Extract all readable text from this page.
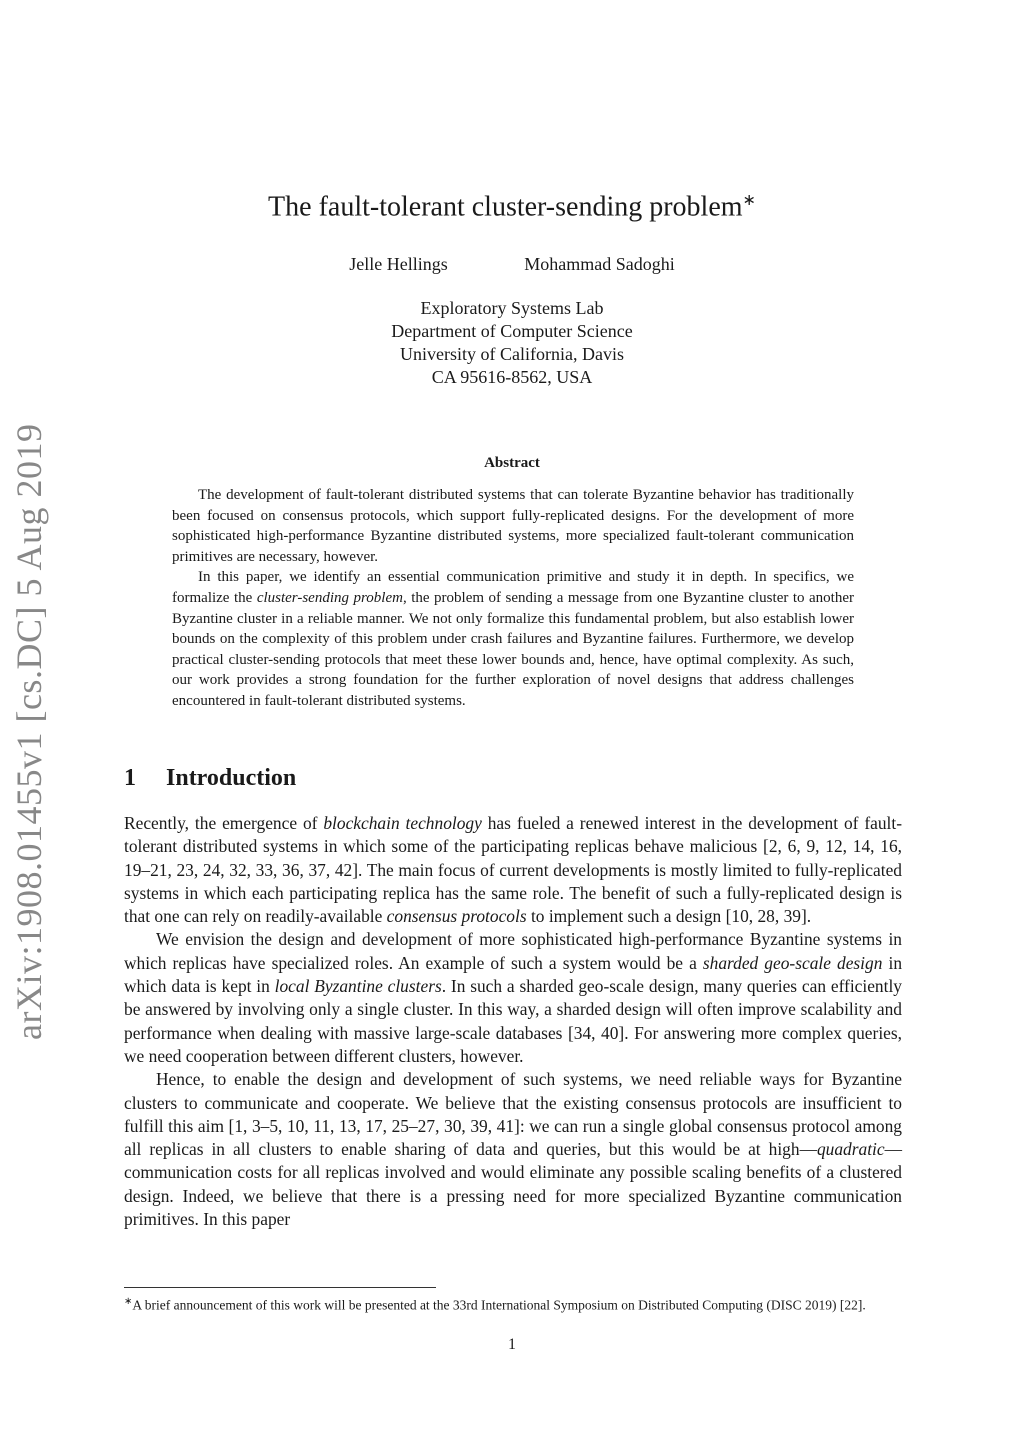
arXiv:1908.01455v1 [cs.DC] 5 Aug 2019
The fault-tolerant cluster-sending problem∗
Jelle Hellings	Mohammad Sadoghi
Exploratory Systems Lab
Department of Computer Science
University of California, Davis
CA 95616-8562, USA
Abstract

The development of fault-tolerant distributed systems that can tolerate Byzantine behavior has traditionally been focused on consensus protocols, which support fully-replicated designs. For the development of more sophisticated high-performance Byzantine distributed systems, more specialized fault-tolerant communication primitives are necessary, however.

In this paper, we identify an essential communication primitive and study it in depth. In specifics, we formalize the cluster-sending problem, the problem of sending a message from one Byzantine cluster to another Byzantine cluster in a reliable manner. We not only formalize this fundamental problem, but also establish lower bounds on the complexity of this problem under crash failures and Byzantine failures. Furthermore, we develop practical cluster-sending protocols that meet these lower bounds and, hence, have optimal complexity. As such, our work provides a strong foundation for the further exploration of novel designs that address challenges encountered in fault-tolerant distributed systems.

1 Introduction

Recently, the emergence of blockchain technology has fueled a renewed interest in the development of fault-tolerant distributed systems in which some of the participating replicas behave malicious [2, 6, 9, 12, 14, 16, 19–21, 23, 24, 32, 33, 36, 37, 42]. The main focus of current developments is mostly limited to fully-replicated systems in which each participating replica has the same role. The benefit of such a fully-replicated design is that one can rely on readily-available consensus protocols to implement such a design [10, 28, 39].

We envision the design and development of more sophisticated high-performance Byzantine systems in which replicas have specialized roles. An example of such a system would be a sharded geo-scale design in which data is kept in local Byzantine clusters. In such a sharded geo-scale design, many queries can efficiently be answered by involving only a single cluster. In this way, a sharded design will often improve scalability and performance when dealing with massive large-scale databases [34, 40]. For answering more complex queries, we need cooperation between different clusters, however.

Hence, to enable the design and development of such systems, we need reliable ways for Byzantine clusters to communicate and cooperate. We believe that the existing consensus protocols are insufficient to fulfill this aim [1, 3–5, 10, 11, 13, 17, 25–27, 30, 39, 41]: we can run a single global consensus protocol among all replicas in all clusters to enable sharing of data and queries, but this would be at high—quadratic—communication costs for all replicas involved and would eliminate any possible scaling benefits of a clustered design. Indeed, we believe that there is a pressing need for more specialized Byzantine communication primitives. In this paper

∗A brief announcement of this work will be presented at the 33rd International Symposium on Distributed Computing (DISC 2019) [22].
1
